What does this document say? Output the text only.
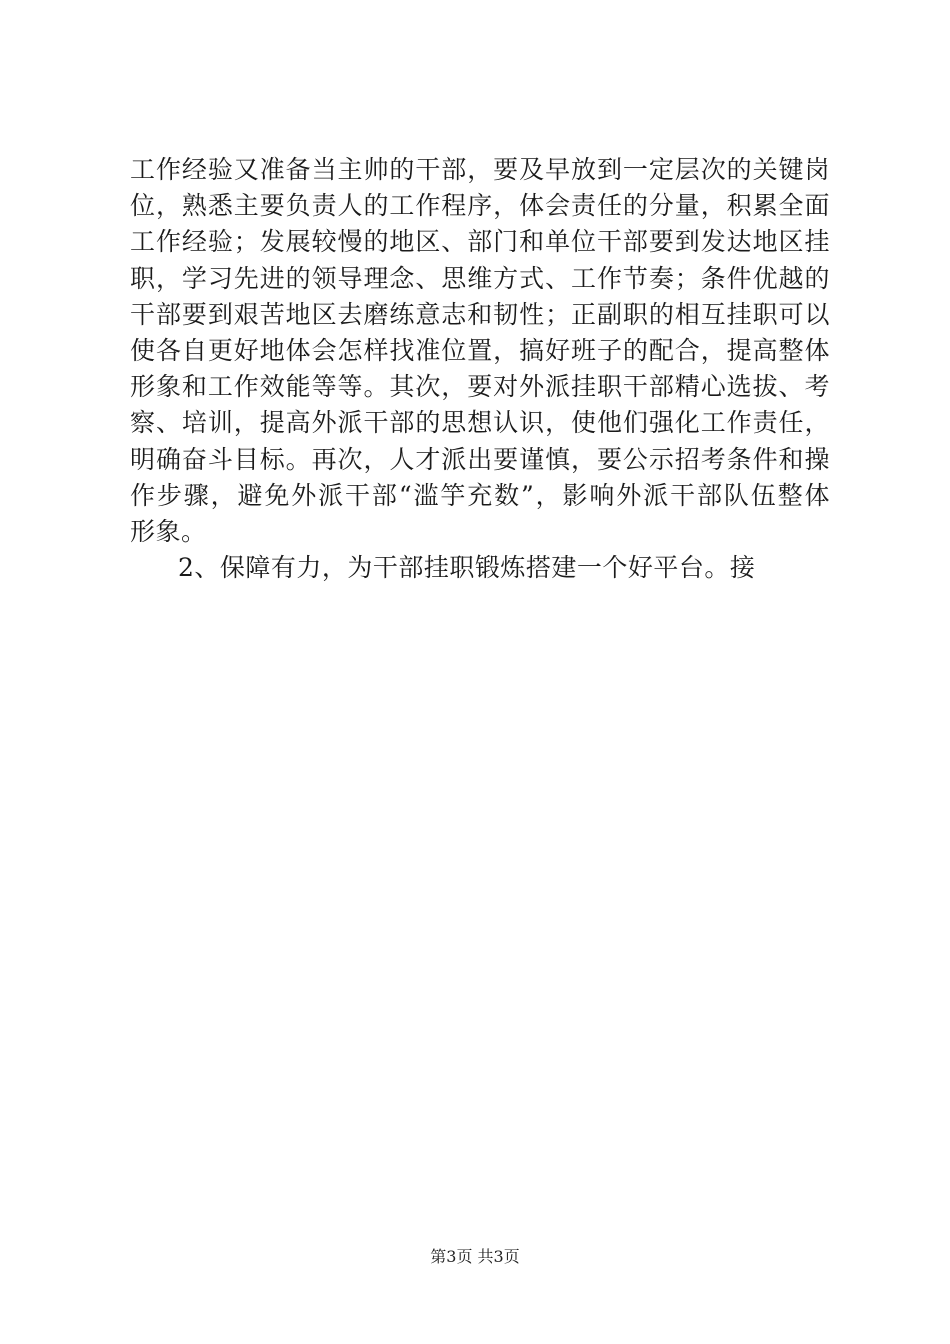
工作经验又准备当主帅的干部，要及早放到一定层次的关键岗
位，熟悉主要负责人的工作程序，体会责任的分量，积累全面
工作经验；发展较慢的地区、部门和单位干部要到发达地区挂
职，学习先进的领导理念、思维方式、工作节奏；条件优越的
干部要到艰苦地区去磨练意志和韧性；正副职的相互挂职可以
使各自更好地体会怎样找准位置，搞好班子的配合，提高整体
形象和工作效能等等。其次，要对外派挂职干部精心选拔、考
察、培训，提高外派干部的思想认识，使他们强化工作责任，
明确奋斗目标。再次，人才派出要谨慎，要公示招考条件和操
作步骤，避免外派干部“滥竽充数”，影响外派干部队伍整体
形象。
2、保障有力，为干部挂职锻炼搭建一个好平台。接
第3页 共3页
